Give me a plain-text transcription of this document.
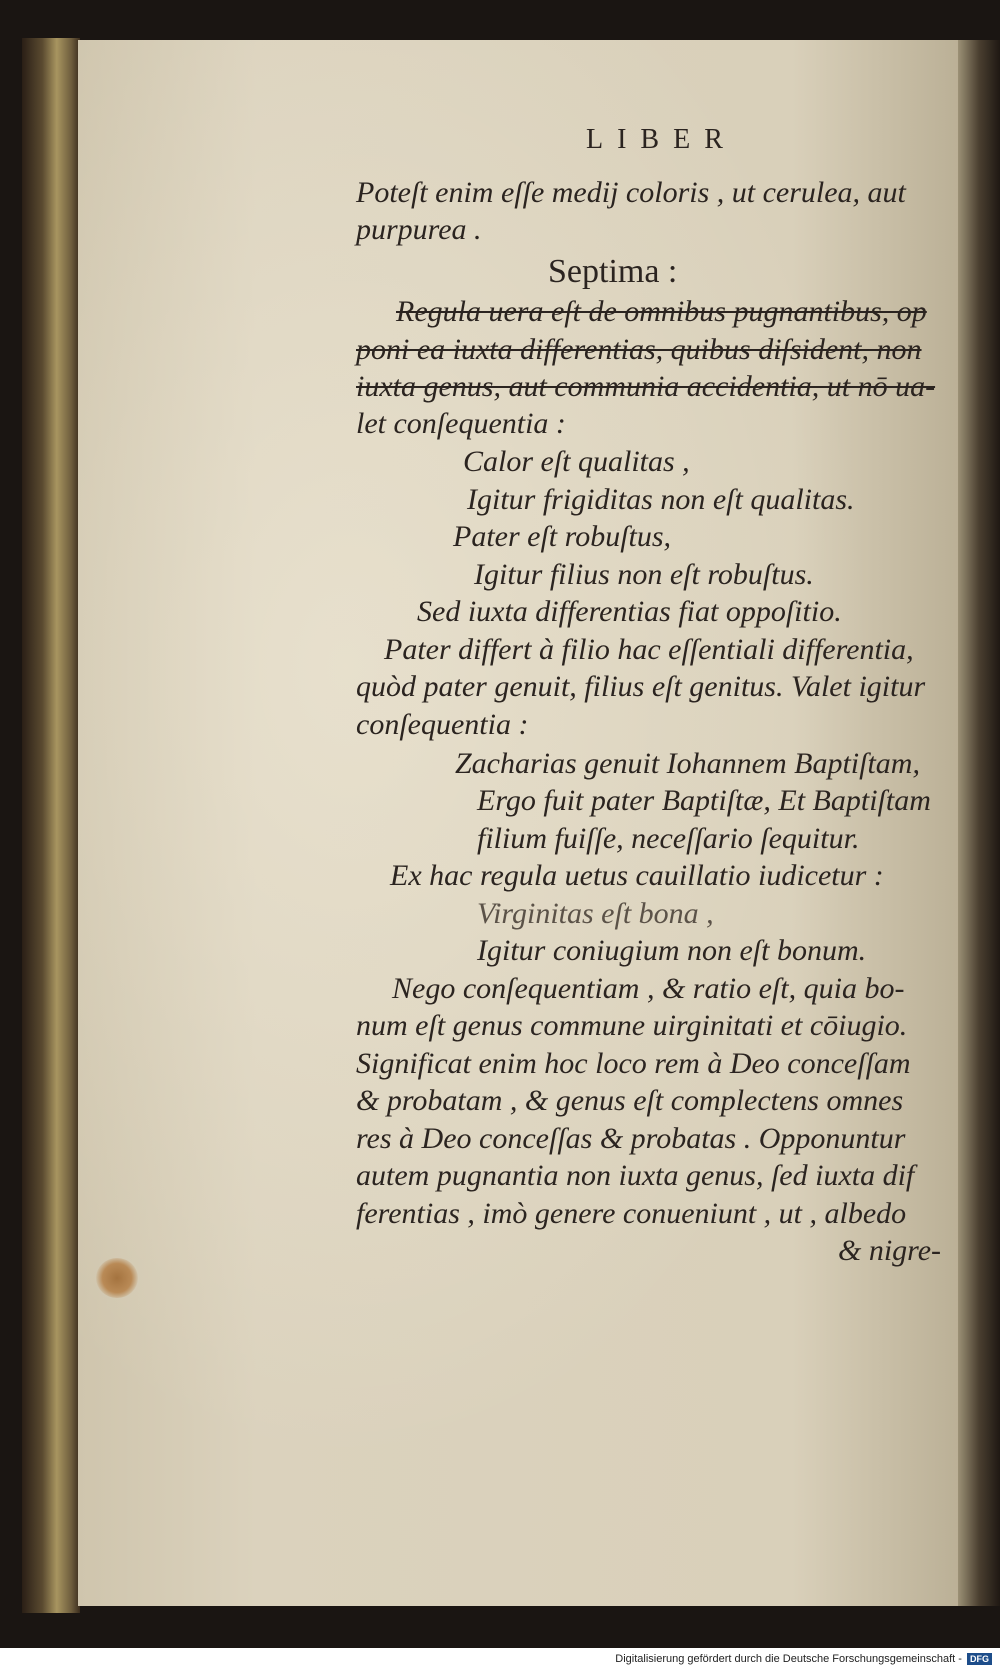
LIBER
Septima :
Poteſt enim eſſe medij coloris , ut cerulea, aut
purpurea .
Regula uera eſt de omnibus pugnantibus, op
poni ea iuxta differentias, quibus diſsident, non
iuxta genus, aut communia accidentia, ut nō ua-
let conſequentia :
Calor eſt qualitas ,
Igitur frigiditas non eſt qualitas.
Pater eſt robuſtus,
Igitur filius non eſt robuſtus.
Sed iuxta differentias fiat oppoſitio.
Pater differt à filio hac eſſentiali differentia,
quòd pater genuit, filius eſt genitus. Valet igitur
conſequentia :
Zacharias genuit Iohannem Baptiſtam,
Ergo fuit pater Baptiſtæ, Et Baptiſtam
filium fuiſſe, neceſſario ſequitur.
Ex hac regula uetus cauillatio iudicetur :
Virginitas eſt bona ,
Igitur coniugium non eſt bonum.
Nego conſequentiam , & ratio eſt, quia bo-
num eſt genus commune uirginitati et cōiugio.
Significat enim hoc loco rem à Deo conceſſam
& probatam , & genus eſt complectens omnes
res à Deo conceſſas & probatas . Opponuntur
autem pugnantia non iuxta genus, ſed iuxta dif
ferentias , imò genere conueniunt , ut , albedo
& nigre-
Digitalisierung gefördert durch die Deutsche Forschungsgemeinschaft - DFG
